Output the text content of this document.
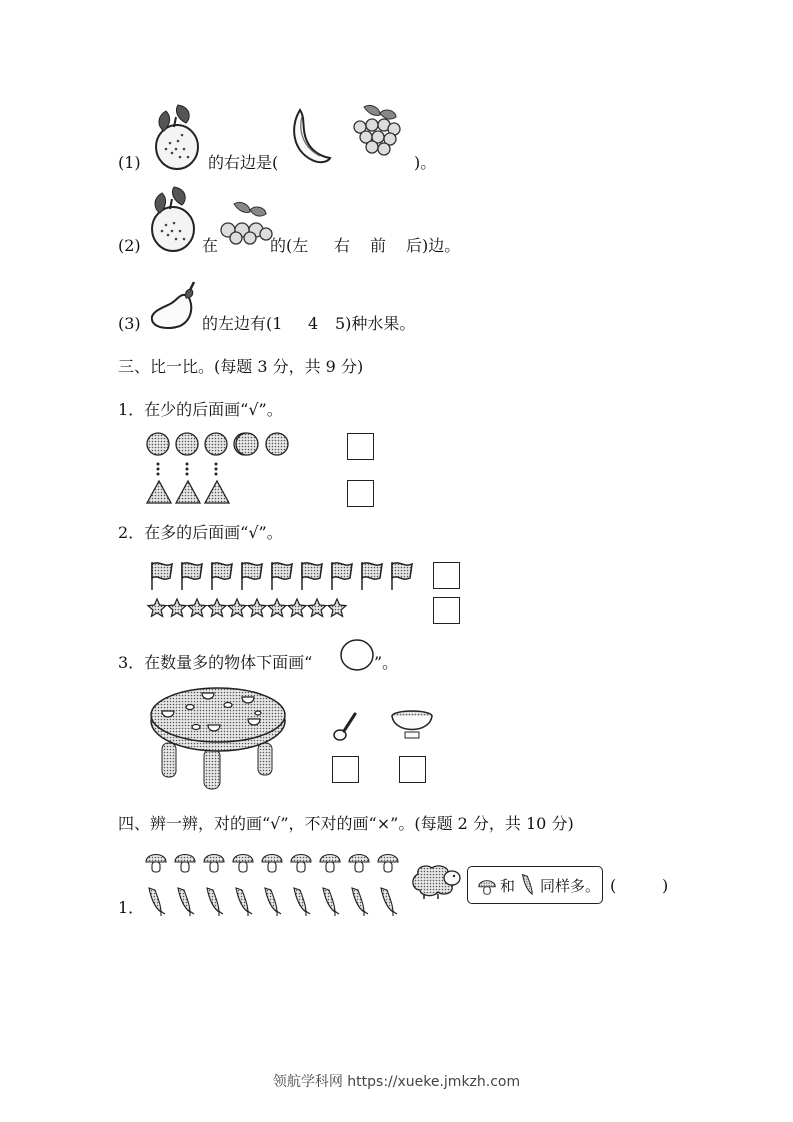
(1)	的右边是(	)。
(2)	在	的(左 右 前 后)边。
(3)	的左边有(1 4 5)种水果。
三、比一比。(每题 3 分，共 9 分)
1．在少的后面画“√”。
2．在多的后面画“√”。
3．在数量多的物体下面画“	”。
四、辨一辨，对的画“√”，不对的画“×”。(每题 2 分，共 10 分)
1．
和 同样多。 (	)
领航学科网 https://xueke.jmkzh.com
